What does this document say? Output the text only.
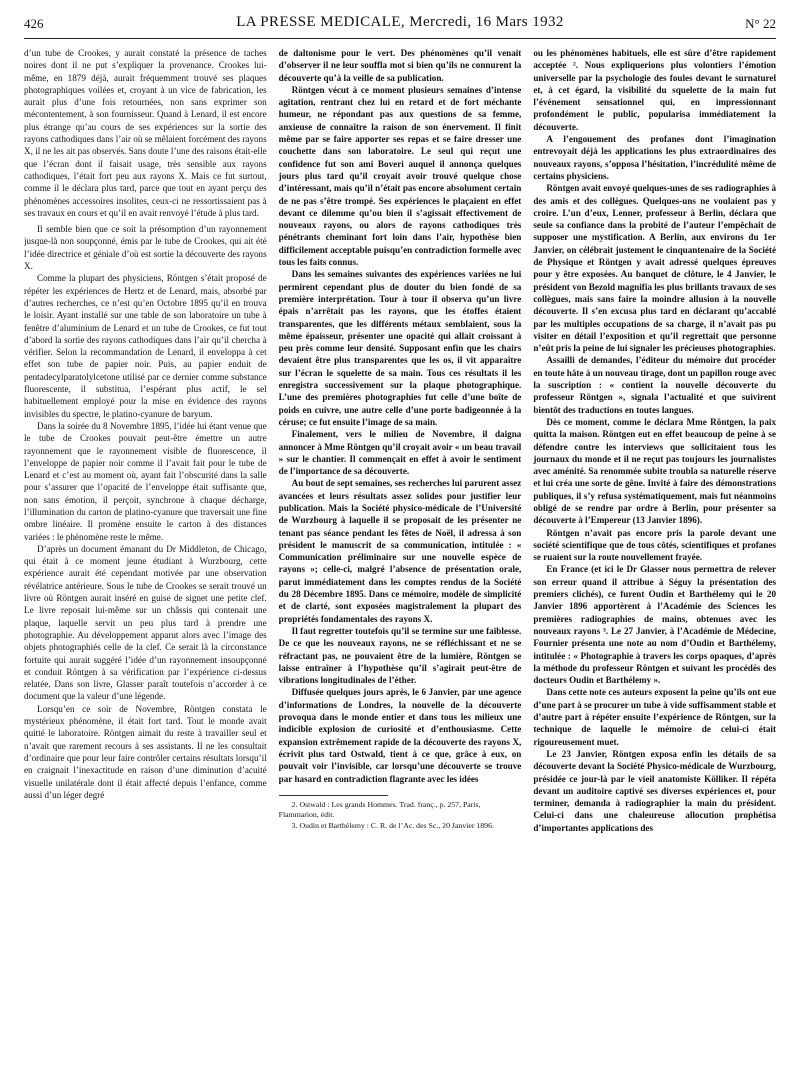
426	LA PRESSE MEDICALE, Mercredi, 16 Mars 1932	N° 22

d’un tube de Crookes, y aurait constaté la présence de taches noires dont il ne put s’expliquer la provenance. Crookes lui-même, en 1879 déjà, aurait fréquemment trouvé ses plaques photographiques voilées et, croyant à un vice de fabrication, les aurait plus d’une fois retournées, non sans exprimer son mécontentement, à son fournisseur. Quand à Lenard, il est encore plus étrange qu’au cours de ses expériences sur la sortie des rayons cathodiques dans l’air où se mêlaient forcément des rayons X, il ne les ait pas observés. Sans doute l’une des raisons était-elle que l’écran dont il faisait usage, très sensible aux rayons cathodiques, l’était fort peu aux rayons X. Mais ce fut surtout, comme il le déclara plus tard, parce que tout en ayant perçu des phénomènes accessoires insolites, ceux-ci ne ressortissaient pas à ses travaux en cours et qu’il en avait renvoyé l’étude à plus tard.

Il semble bien que ce soit la présomption d’un rayonnement jusque-là non soupçonné, émis par le tube de Crookes, qui ait été l’idée directrice et géniale d’où est sortie la découverte des rayons X.

Comme la plupart des physiciens, Röntgen s’était proposé de répéter les expériences de Hertz et de Lenard, mais, absorbé par d’autres recherches, ce n’est qu’en Octobre 1895 qu’il en trouva le loisir. Ayant installé sur une table de son laboratoire un tube à fenêtre d’aluminium de Lenard et un tube de Crookes, ce fut tout d’abord la sortie des rayons cathodiques dans l’air qu’il chercha à vérifier. Selon la recommandation de Lenard, il enveloppa à cet effet son tube de papier noir. Puis, au papier enduit de pentadecylparatolylcetone utilisé par ce dernier comme substance fluorescente, il substitua, l’espérant plus actif, le sel habituellement employé pour la mise en évidence des rayons invisibles du spectre, le platino-cyanure de baryum.

Dans la soirée du 8 Novembre 1895, l’idée lui étant venue que le tube de Crookes pouvait peut-être émettre un autre rayonnement que le rayonnement visible de fluorescence, il l’enveloppe de papier noir comme il l’avait fait pour le tube de Lenard et c’est au moment où, ayant fait l’obscurité dans la salle pour s’assurer que l’opacité de l’enveloppe était suffisante que, non sans émotion, il perçoit, synchrone à chaque décharge, l’illumination du carton de platino-cyanure que traversait une fine ombre linéaire. Il promène ensuite le carton à des distances variées : le phénomène reste le même.

D’après un document émanant du Dr Middleton, de Chicago, qui était à ce moment jeune étudiant à Wurzbourg, cette expérience aurait été cependant motivée par une observation révélatrice antérieure. Sous le tube de Crookes se serait trouvé un livre où Röntgen aurait inséré en guise de signet une petite clef. Le livre reposait lui-même sur un châssis qui contenait une plaque, laquelle servit un peu plus tard à prendre une photographie. Au développement apparut alors avec l’image des objets photographiés celle de la clef. Ce serait là la circonstance fortuite qui aurait suggéré l’idée d’un rayonnement insoupçonné et conduit Röntgen à sa vérification par l’expérience ci-dessus relatée. Dans son livre, Glasser paraît toutefois n’accorder à ce document que la valeur d’une légende.

Lorsqu’en ce soir de Novembre, Röntgen constata le mystérieux phénomène, il était fort tard. Tout le monde avait quitté le laboratoire. Röntgen aimait du reste à travailler seul et n’avait que rarement recours à ses assistants. Il ne les consultait d’ordinaire que pour leur faire contrôler certains résultats lorsqu’il en craignait l’inexactitude en raison d’une diminution d’acuité visuelle unilatérale dont il était affecté depuis l’enfance, comme aussi d’un léger degré

de daltonisme pour le vert. Des phénomènes qu’il venait d’observer il ne leur souffla mot si bien qu’ils ne connurent la découverte qu’à la veille de sa publication.

Röntgen vécut à ce moment plusieurs semaines d’intense agitation, rentrant chez lui en retard et de fort méchante humeur, ne répondant pas aux questions de sa femme, anxieuse de connaître la raison de son énervement. Il finit même par se faire apporter ses repas et se faire dresser une couchette dans son laboratoire. Le seul qui reçut une confidence fut son ami Boveri auquel il annonça quelques jours plus tard qu’il croyait avoir trouvé quelque chose d’intéressant, mais qu’il n’était pas encore absolument certain de ne pas s’être trompé. Ses expériences le plaçaient en effet devant ce dilemme qu’ou bien il s’agissait effectivement de nouveaux rayons, ou alors de rayons cathodiques très pénétrants cheminant fort loin dans l’air, hypothèse bien difficilement acceptable puisqu’en contradiction formelle avec tous les faits connus.

Dans les semaines suivantes des expériences variées ne lui permirent cependant plus de douter du bien fondé de sa première interprétation. Tour à tour il observa qu’un livre épais n’arrêtait pas les rayons, que les étoffes étaient transparentes, que les différents métaux semblaient, sous la même épaisseur, présenter une opacité qui allait croissant à peu près comme leur densité. Supposant enfin que les chairs devaient être plus transparentes que les os, il vit apparaître sur l’écran le squelette de sa main. Tous ces résultats il les enregistra successivement sur la plaque photographique. L’une des premières photographies fut celle d’une boîte de poids en cuivre, une autre celle d’une porte badigeonnée à la céruse; ce fut ensuite l’image de sa main.

Finalement, vers le milieu de Novembre, il daigna annoncer à Mme Röntgen qu’il croyait avoir « un beau travail » sur le chantier. Il commençait en effet à avoir le sentiment de l’importance de sa découverte.

Au bout de sept semaines, ses recherches lui parurent assez avancées et leurs résultats assez solides pour justifier leur publication. Mais la Société physico-médicale de l’Université de Wurzbourg à laquelle il se proposait de les présenter ne tenant pas séance pendant les fêtes de Noël, il adressa à son président le manuscrit de sa communication, intitulée : « Communication préliminaire sur une nouvelle espèce de rayons »; celle-ci, malgré l’absence de présentation orale, parut immédiatement dans les comptes rendus de la Société du 28 Décembre 1895. Dans ce mémoire, modèle de simplicité et de clarté, sont exposées magistralement la plupart des propriétés fondamentales des rayons X.

Il faut regretter toutefois qu’il se termine sur une faiblesse. De ce que les nouveaux rayons, ne se réfléchissant et ne se réfractant pas, ne pouvaient être de la lumière, Röntgen se laisse entraîner à l’hypothèse qu’il s’agirait peut-être de vibrations longitudinales de l’éther.

Diffusée quelques jours après, le 6 Janvier, par une agence d’informations de Londres, la nouvelle de la découverte provoqua dans le monde entier et dans tous les milieux une indicible explosion de curiosité et d’enthousiasme. Cette expansion extrêmement rapide de la découverte des rayons X, écrivit plus tard Ostwald, tient à ce que, grâce à eux, on pouvait voir l’invisible, car lorsqu’une découverte se trouve par hasard en contradiction flagrante avec les idées

2. Ostwald : Les grands Hommes. Trad. franç., p. 257, Paris, Flammarion, édit.

3. Oudin et Barthélemy : C. R. de l’Ac. des Sc., 20 Janvier 1896.

ou les phénomènes habituels, elle est sûre d’être rapidement acceptée ². Nous expliquerions plus volontiers l’émotion universelle par la psychologie des foules devant le surnaturel et, à cet égard, la visibilité du squelette de la main fut l’événement sensationnel qui, en impressionnant profondément le public, popularisa immédiatement la découverte.

A l’engouement des profanes dont l’imagination entrevoyait déjà les applications les plus extraordinaires des nouveaux rayons, s’opposa l’hésitation, l’incrédulité même de certains physiciens.

Röntgen avait envoyé quelques-unes de ses radiographies à des amis et des collègues. Quelques-uns ne voulaient pas y croire. L’un d’eux, Lenner, professeur à Berlin, déclara que seule sa confiance dans la probité de l’auteur l’empêchait de supposer une mystification. A Berlin, aux environs du 1er Janvier, on célébrait justement le cinquantenaire de la Société de Physique et Röntgen y avait adressé quelques épreuves pour y être exposées. Au banquet de clôture, le 4 Janvier, le président von Bezold magnifia les plus brillants travaux de ses collègues, mais sans faire la moindre allusion à la nouvelle découverte. Il s’en excusa plus tard en déclarant qu’accablé par les multiples occupations de sa charge, il n’avait pas pu visiter en détail l’exposition et qu’il regrettait que personne n’eût pris la peine de lui signaler les précieuses photographies.

Assailli de demandes, l’éditeur du mémoire dut procéder en toute hâte à un nouveau tirage, dont un papillon rouge avec la suscription : « contient la nouvelle découverte du professeur Röntgen », signala l’actualité et que suivirent bientôt des traductions en toutes langues.

Dès ce moment, comme le déclara Mme Röntgen, la paix quitta la maison. Röntgen eut en effet beaucoup de peine à se défendre contre les interviews que sollicitaient tous les journaux du monde et il ne reçut pas toujours les journalistes avec aménité. Sa renommée subite troubla sa naturelle réserve et lui créa une sorte de gêne. Invité à faire des démonstrations publiques, il s’y refusa systématiquement, mais fut néanmoins obligé de se rendre par ordre à Berlin, pour présenter sa découverte à l’Empereur (13 Janvier 1896).

Röntgen n’avait pas encore pris la parole devant une société scientifique que de tous côtés, scientifiques et profanes se ruaient sur la route nouvellement frayée.

En France (et ici le Dr Glasser nous permettra de relever son erreur quand il attribue à Séguy la présentation des premiers clichés), ce furent Oudin et Barthélemy qui le 20 Janvier 1896 apportèrent à l’Académie des Sciences les premières radiographies de mains, obtenues avec les nouveaux rayons ³. Le 27 Janvier, à l’Académie de Médecine, Fournier présenta une note au nom d’Oudin et Barthélemy, intitulée : « Photographie à travers les corps opaques, d’après la méthode du professeur Röntgen et suivant les procédés des docteurs Oudin et Barthélemy ».

Dans cette note ces auteurs exposent la peine qu’ils ont eue d’une part à se procurer un tube à vide suffisamment stable et d’autre part à répéter ensuite l’expérience de Röntgen, sur la technique de laquelle le mémoire de celui-ci était rigoureusement muet.

Le 23 Janvier, Röntgen exposa enfin les détails de sa découverte devant la Société Physico-médicale de Wurzbourg, présidée ce jour-là par le vieil anatomiste Kölliker. Il répéta devant un auditoire captivé ses diverses expériences et, pour terminer, demanda à radiographier la main du président. Celui-ci dans une chaleureuse allocution prophétisa d’importantes applications des
